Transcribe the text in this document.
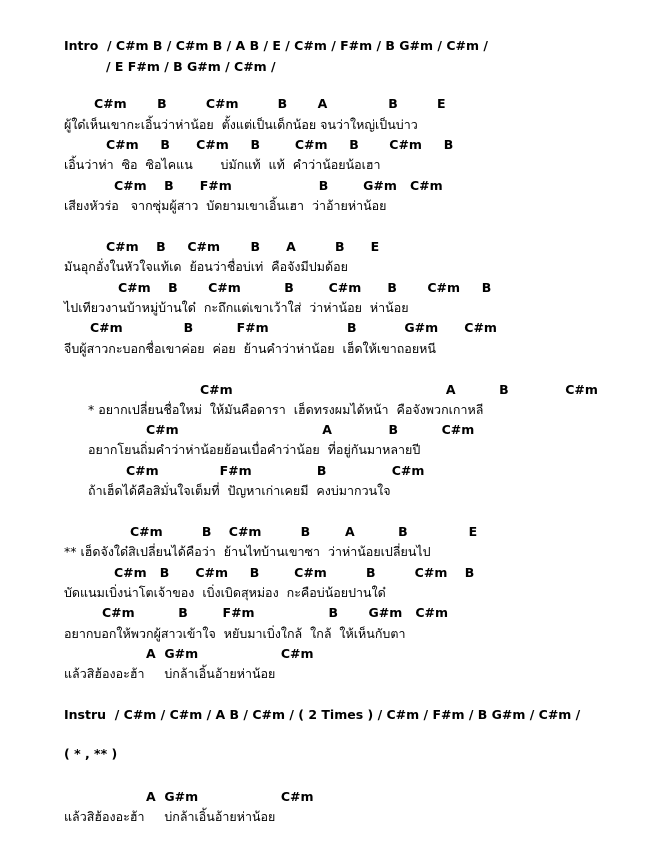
Intro  / C#m B / C#m B / A B / E / C#m / F#m / B G#m / C#m /
/ E F#m / B G#m / C#m /
C#m       B         C#m         B       A              B         E
ผู้ใด๋เห็นเขากะเอิ้นว่าห่าน้อย  ตั้งแต่เป็นเด็กน้อย จนว่าใหญ่เป็นบ่าว
C#m     B      C#m     B        C#m     B       C#m     B
เอิ้นว่าห่า  ซิอ  ซิอไคแน       บ่มักแท้  แท้  คำว่าน้อยน้อเฮา
C#m    B      F#m                    B        G#m   C#m
เสียงหัวร่อ   จากซุ่มผู้สาว  บัดยามเขาเอิ้นเฮา  ว่าอ้ายห่าน้อย
C#m    B     C#m       B      A         B      E
มันอุกอั่งในหัวใจแท้เด  ย้อนว่าชื่อบ่เท่  คือจังมีปมด้อย
C#m    B       C#m          B        C#m      B       C#m     B
ไปเทียวงานบ้าหมู่บ้านใด๋  กะถึกแต่เขาเว้าใส่  ว่าห่าน้อย  ห่าน้อย
C#m              B          F#m                  B           G#m      C#m
จีบผู้สาวกะบอกชื่อเขาค่อย  ค่อย  ย้านคำว่าห่าน้อย  เฮ็ดให้เขาถอยหนี
C#m                                                 A          B             C#m
* อยากเปลี่ยนชื่อใหม่  ให้มันคือดารา  เฮ็ดทรงผมได้หน้า  คือจังพวกเกาหลี
C#m                                 A             B          C#m
อยากโยนถิ่มคำว่าห่าน้อยย้อนเบื่อคำว่าน้อย  ที่อยู่กันมาหลายปี
C#m              F#m               B               C#m
ถ้าเฮ็ดได้คือสิมั่นใจเต็มที่  ปัญหาเก่าเคยมี  คงบ่มากวนใจ
C#m         B    C#m         B        A          B              E
** เฮ็ดจังใด๋สิเปลี่ยนได้คือว่า  ย้านไทบ้านเขาซา  ว่าห่าน้อยเปลี่ยนไป
C#m   B      C#m     B        C#m         B         C#m    B
บัดแนมเบิ่งน่าโตเจ้าของ  เบิ่งเบิดสุหม่อง  กะคือบ่น้อยปานใด๋
C#m          B        F#m                 B       G#m   C#m
อยากบอกให้พวกผู้สาวเข้าใจ  หยับมาเบิ่งใกล้  ใกล้  ให้เห็นกับตา
A  G#m                   C#m
แล้วสิฮ้องอะฮ้า     บ่กล้าเอิ้นอ้ายห่าน้อย
Instru  / C#m / C#m / A B / C#m / ( 2 Times ) / C#m / F#m / B G#m / C#m /
( * , ** )
A  G#m                   C#m
แล้วสิฮ้องอะฮ้า     บ่กล้าเอิ้นอ้ายห่าน้อย
